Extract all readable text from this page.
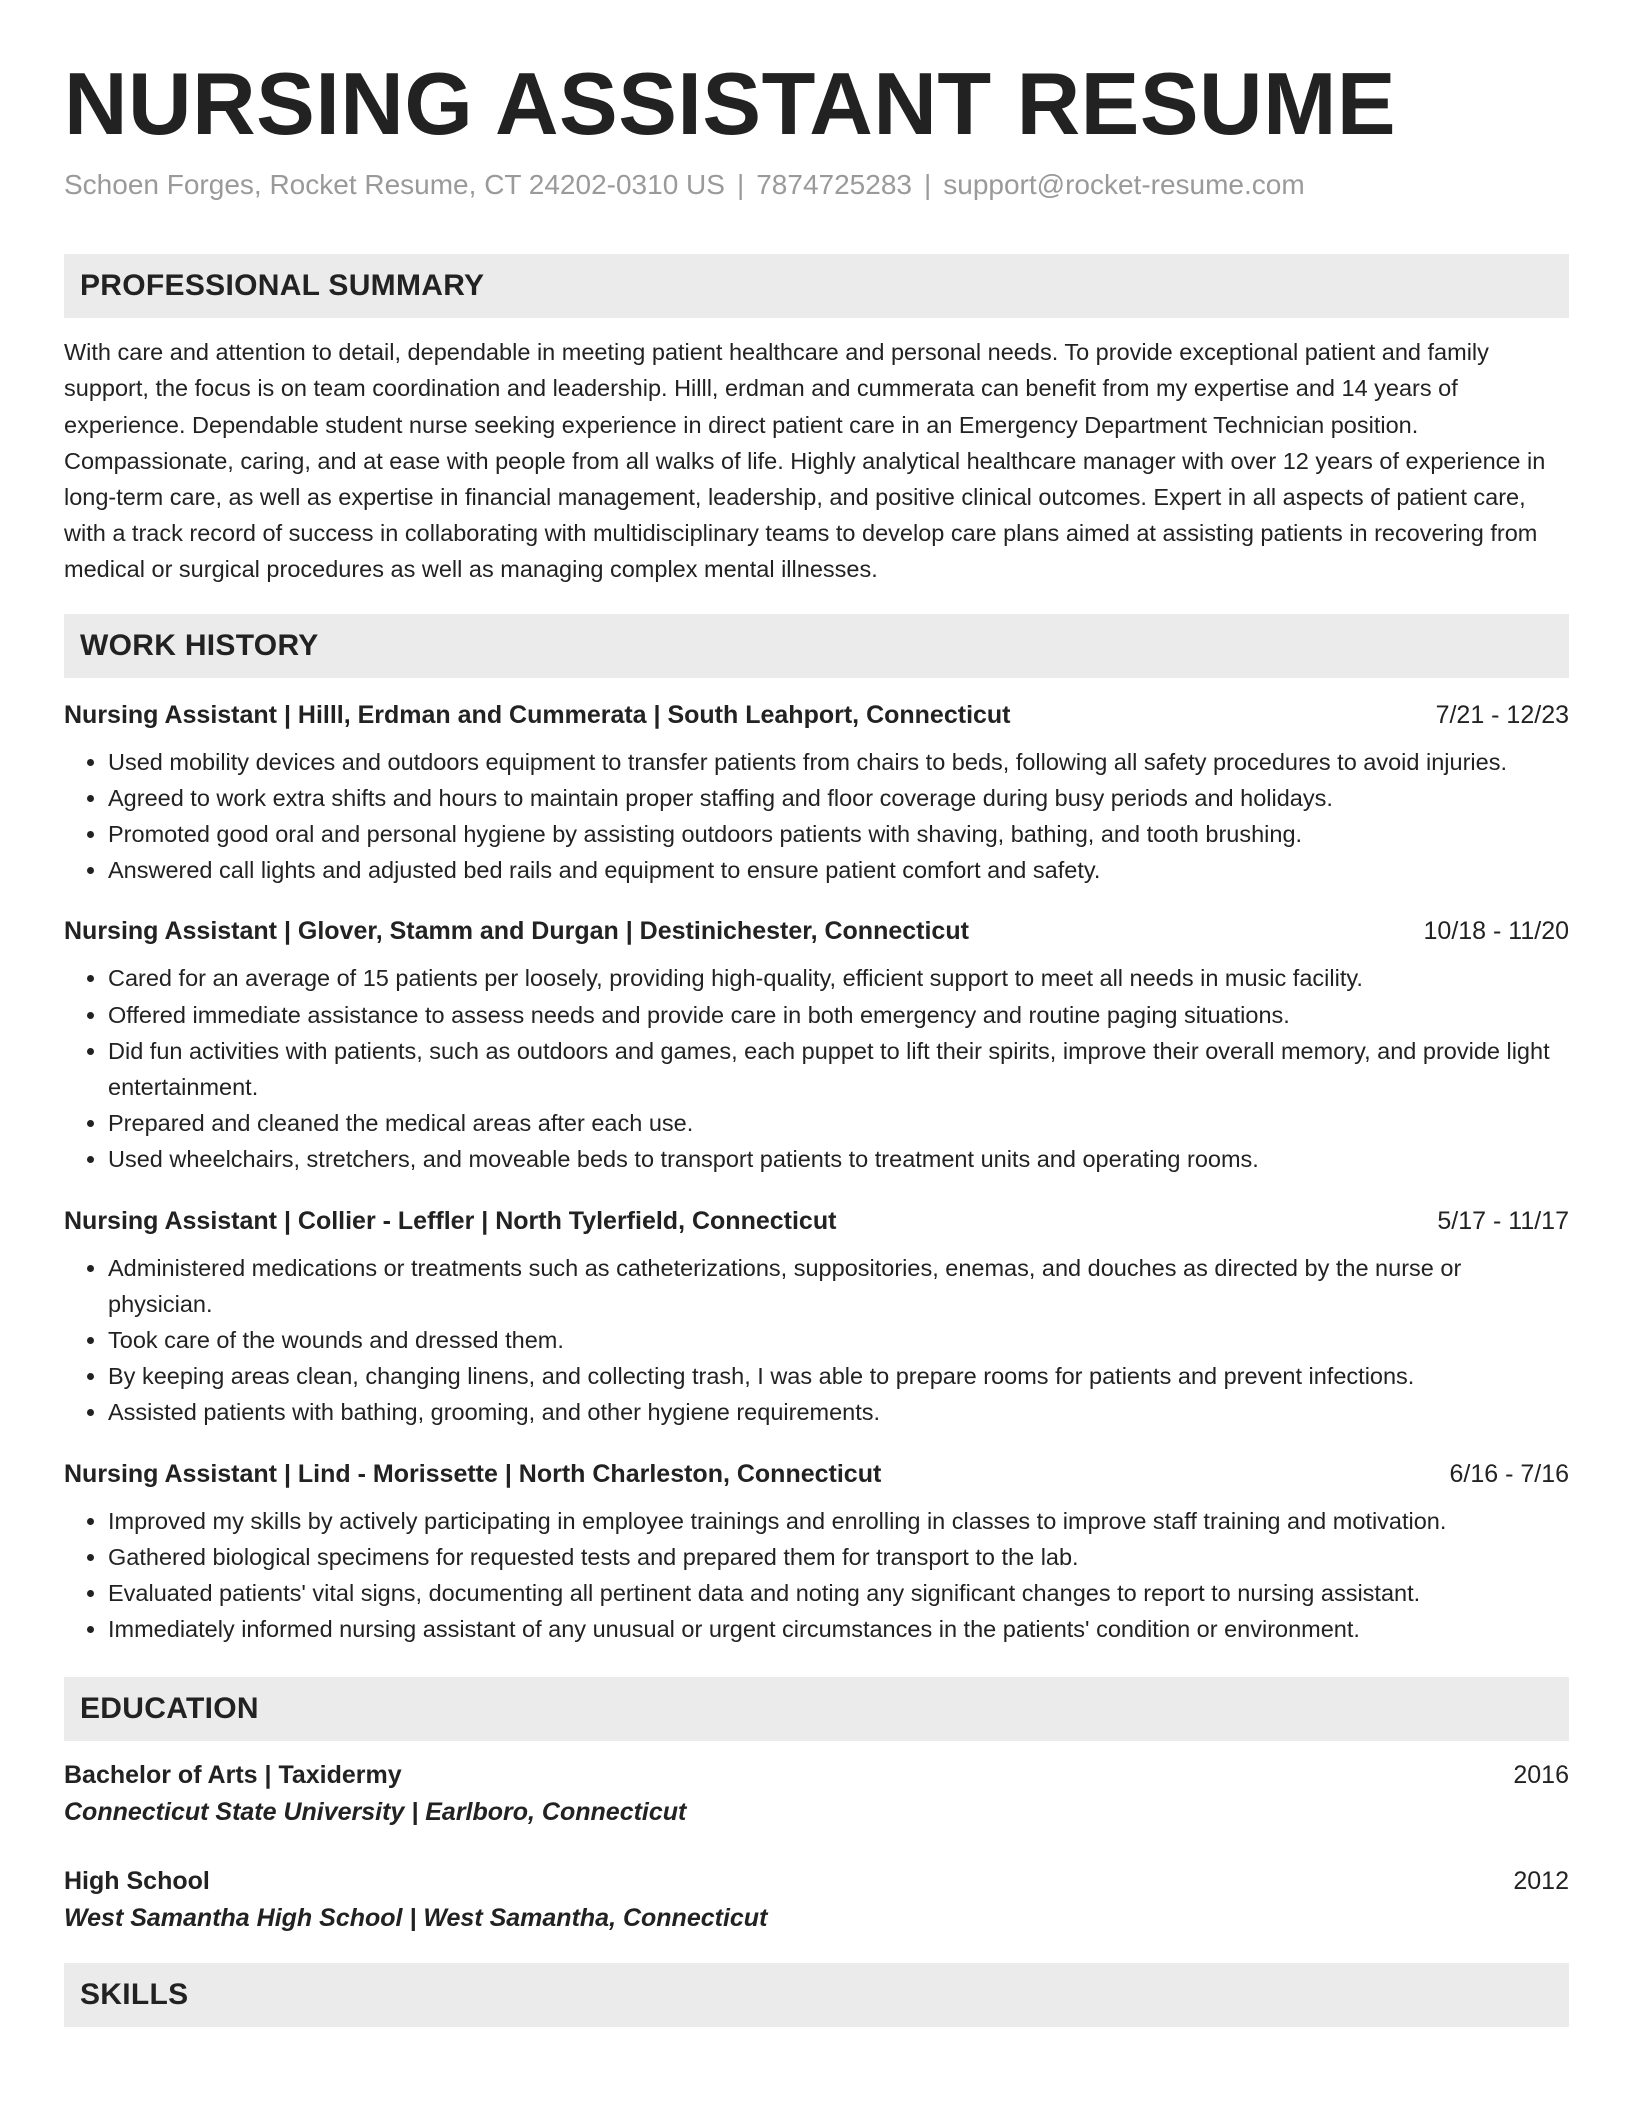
NURSING ASSISTANT RESUME
Schoen Forges, Rocket Resume, CT 24202-0310 US | 7874725283 | support@rocket-resume.com
PROFESSIONAL SUMMARY
With care and attention to detail, dependable in meeting patient healthcare and personal needs. To provide exceptional patient and family support, the focus is on team coordination and leadership. Hilll, erdman and cummerata can benefit from my expertise and 14 years of experience. Dependable student nurse seeking experience in direct patient care in an Emergency Department Technician position. Compassionate, caring, and at ease with people from all walks of life. Highly analytical healthcare manager with over 12 years of experience in long-term care, as well as expertise in financial management, leadership, and positive clinical outcomes. Expert in all aspects of patient care, with a track record of success in collaborating with multidisciplinary teams to develop care plans aimed at assisting patients in recovering from medical or surgical procedures as well as managing complex mental illnesses.
WORK HISTORY
Nursing Assistant | Hilll, Erdman and Cummerata | South Leahport, Connecticut	7/21 - 12/23
• Used mobility devices and outdoors equipment to transfer patients from chairs to beds, following all safety procedures to avoid injuries.
• Agreed to work extra shifts and hours to maintain proper staffing and floor coverage during busy periods and holidays.
• Promoted good oral and personal hygiene by assisting outdoors patients with shaving, bathing, and tooth brushing.
• Answered call lights and adjusted bed rails and equipment to ensure patient comfort and safety.
Nursing Assistant | Glover, Stamm and Durgan | Destinichester, Connecticut	10/18 - 11/20
• Cared for an average of 15 patients per loosely, providing high-quality, efficient support to meet all needs in music facility.
• Offered immediate assistance to assess needs and provide care in both emergency and routine paging situations.
• Did fun activities with patients, such as outdoors and games, each puppet to lift their spirits, improve their overall memory, and provide light entertainment.
• Prepared and cleaned the medical areas after each use.
• Used wheelchairs, stretchers, and moveable beds to transport patients to treatment units and operating rooms.
Nursing Assistant | Collier - Leffler | North Tylerfield, Connecticut	5/17 - 11/17
• Administered medications or treatments such as catheterizations, suppositories, enemas, and douches as directed by the nurse or physician.
• Took care of the wounds and dressed them.
• By keeping areas clean, changing linens, and collecting trash, I was able to prepare rooms for patients and prevent infections.
• Assisted patients with bathing, grooming, and other hygiene requirements.
Nursing Assistant | Lind - Morissette | North Charleston, Connecticut	6/16 - 7/16
• Improved my skills by actively participating in employee trainings and enrolling in classes to improve staff training and motivation.
• Gathered biological specimens for requested tests and prepared them for transport to the lab.
• Evaluated patients' vital signs, documenting all pertinent data and noting any significant changes to report to nursing assistant.
• Immediately informed nursing assistant of any unusual or urgent circumstances in the patients' condition or environment.
EDUCATION
Bachelor of Arts | Taxidermy	2016
Connecticut State University | Earlboro, Connecticut
High School	2012
West Samantha High School | West Samantha, Connecticut
SKILLS
